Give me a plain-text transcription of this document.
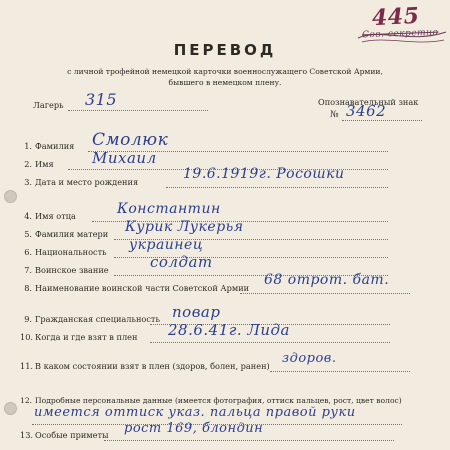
445
Сов. секретно
ПЕРЕВОД
с личной трофейной немецкой карточки военнослужащего Советской Армии,
бывшего в немецком плену.
Лагерь 315	Опознавательный знак
№ 3462
1. Фамилия Смолюк
2. Имя	Михаил
3. Дата и место рождения	19.6.1919г. Росошки
4. Имя отца	Константин
5. Фамилия матери Курик Лукерья
6. Национальность украинец
7. Воинское звание	солдат
8. Наименование воинской части Советской Армии 68 отрот. бат.
9. Гражданская специальность повар
10. Когда и где взят в плен 28.6.41г. Лида
11. В каком состоянии взят в плен (здоров, болен, ранен) здоров.
12. Подробные персональные данные (имеется фотография, оттиск пальцев, рост, цвет волос)
имеется оттиск указ. пальца правой руки
13. Особые приметы рост 169, блондин
